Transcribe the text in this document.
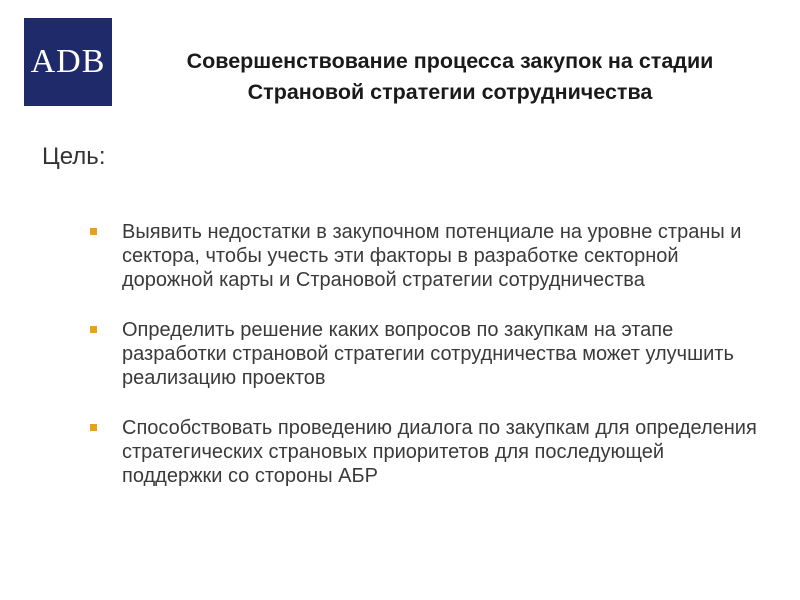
ADB	Совершенствование процесса закупок на стадии Страновой стратегии сотрудничества
Цель:
Выявить недостатки в закупочном потенциале на уровне страны и сектора, чтобы учесть эти факторы в разработке секторной дорожной карты и Страновой стратегии сотрудничества
Определить решение каких вопросов по закупкам на этапе разработки страновой стратегии сотрудничества может улучшить реализацию проектов
Способствовать проведению диалога по закупкам для определения стратегических страновых приоритетов для последующей поддержки со стороны АБР
